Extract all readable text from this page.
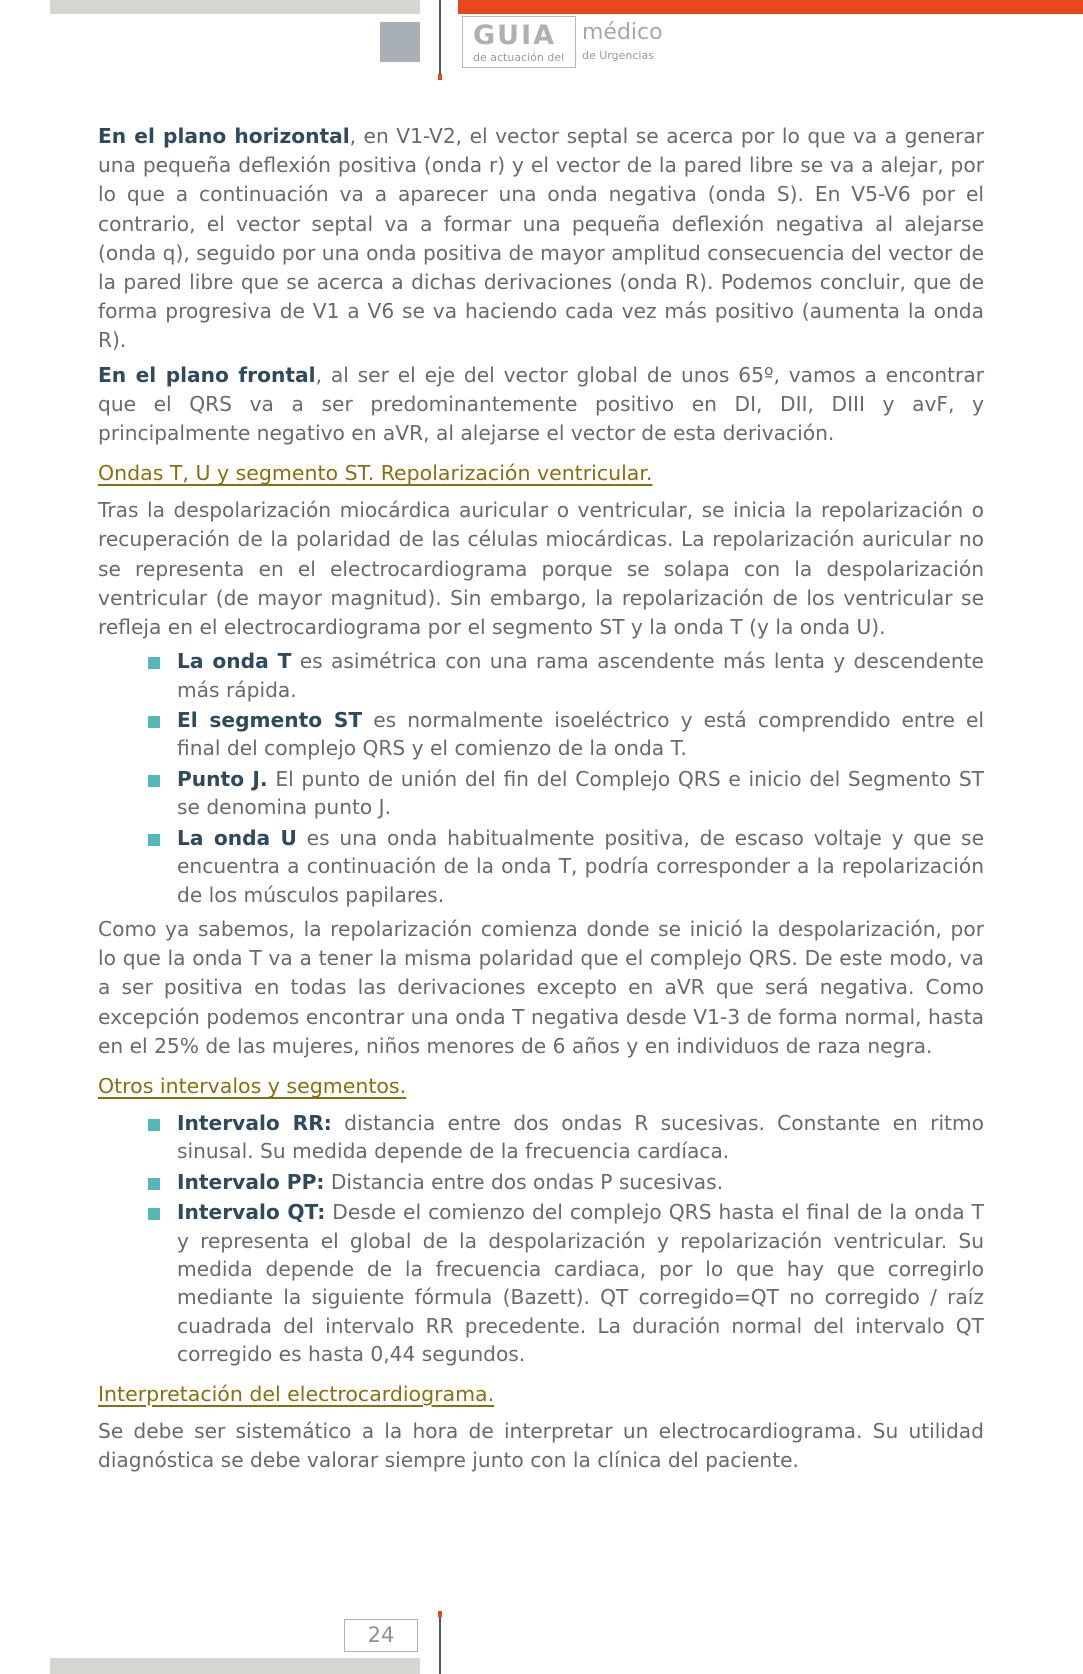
GUIA
de actuación del
médico
de Urgencias

En el plano horizontal, en V1-V2, el vector septal se acerca por lo que va a generar una pequeña deflexión positiva (onda r) y el vector de la pared libre se va a alejar, por lo que a continuación va a aparecer una onda negativa (onda S). En V5-V6 por el contrario, el vector septal va a formar una pequeña deflexión negativa al alejarse (onda q), seguido por una onda positiva de mayor amplitud consecuencia del vector de la pared libre que se acerca a dichas derivaciones (onda R). Podemos concluir, que de forma progresiva de V1 a V6 se va haciendo cada vez más positivo (aumenta la onda R).

En el plano frontal, al ser el eje del vector global de unos 65º, vamos a encontrar que el QRS va a ser predominantemente positivo en DI, DII, DIII y avF, y principalmente negativo en aVR, al alejarse el vector de esta derivación.

Ondas T, U y segmento ST. Repolarización ventricular.

Tras la despolarización miocárdica auricular o ventricular, se inicia la repolarización o recuperación de la polaridad de las células miocárdicas. La repolarización auricular no se representa en el electrocardiograma porque se solapa con la despolarización ventricular (de mayor magnitud). Sin embargo, la repolarización de los ventricular se refleja en el electrocardiograma por el segmento ST y la onda T (y la onda U).

La onda T es asimétrica con una rama ascendente más lenta y descendente más rápida.
El segmento ST es normalmente isoeléctrico y está comprendido entre el final del complejo QRS y el comienzo de la onda T.
Punto J. El punto de unión del fin del Complejo QRS e inicio del Segmento ST se denomina punto J.
La onda U es una onda habitualmente positiva, de escaso voltaje y que se encuentra a continuación de la onda T, podría corresponder a la repolarización de los músculos papilares.

Como ya sabemos, la repolarización comienza donde se inició la despolarización, por lo que la onda T va a tener la misma polaridad que el complejo QRS. De este modo, va a ser positiva en todas las derivaciones excepto en aVR que será negativa. Como excepción podemos encontrar una onda T negativa desde V1-3 de forma normal, hasta en el 25% de las mujeres, niños menores de 6 años y en individuos de raza negra.

Otros intervalos y segmentos.
Intervalo RR: distancia entre dos ondas R sucesivas. Constante en ritmo sinusal. Su medida depende de la frecuencia cardíaca.
Intervalo PP: Distancia entre dos ondas P sucesivas.
Intervalo QT: Desde el comienzo del complejo QRS hasta el final de la onda T y representa el global de la despolarización y repolarización ventricular. Su medida depende de la frecuencia cardiaca, por lo que hay que corregirlo mediante la siguiente fórmula (Bazett). QT corregido=QT no corregido / raíz cuadrada del intervalo RR precedente. La duración normal del intervalo QT corregido es hasta 0,44 segundos.
Interpretación del electrocardiograma.

Se debe ser sistemático a la hora de interpretar un electrocardiograma. Su utilidad diagnóstica se debe valorar siempre junto con la clínica del paciente.

24
